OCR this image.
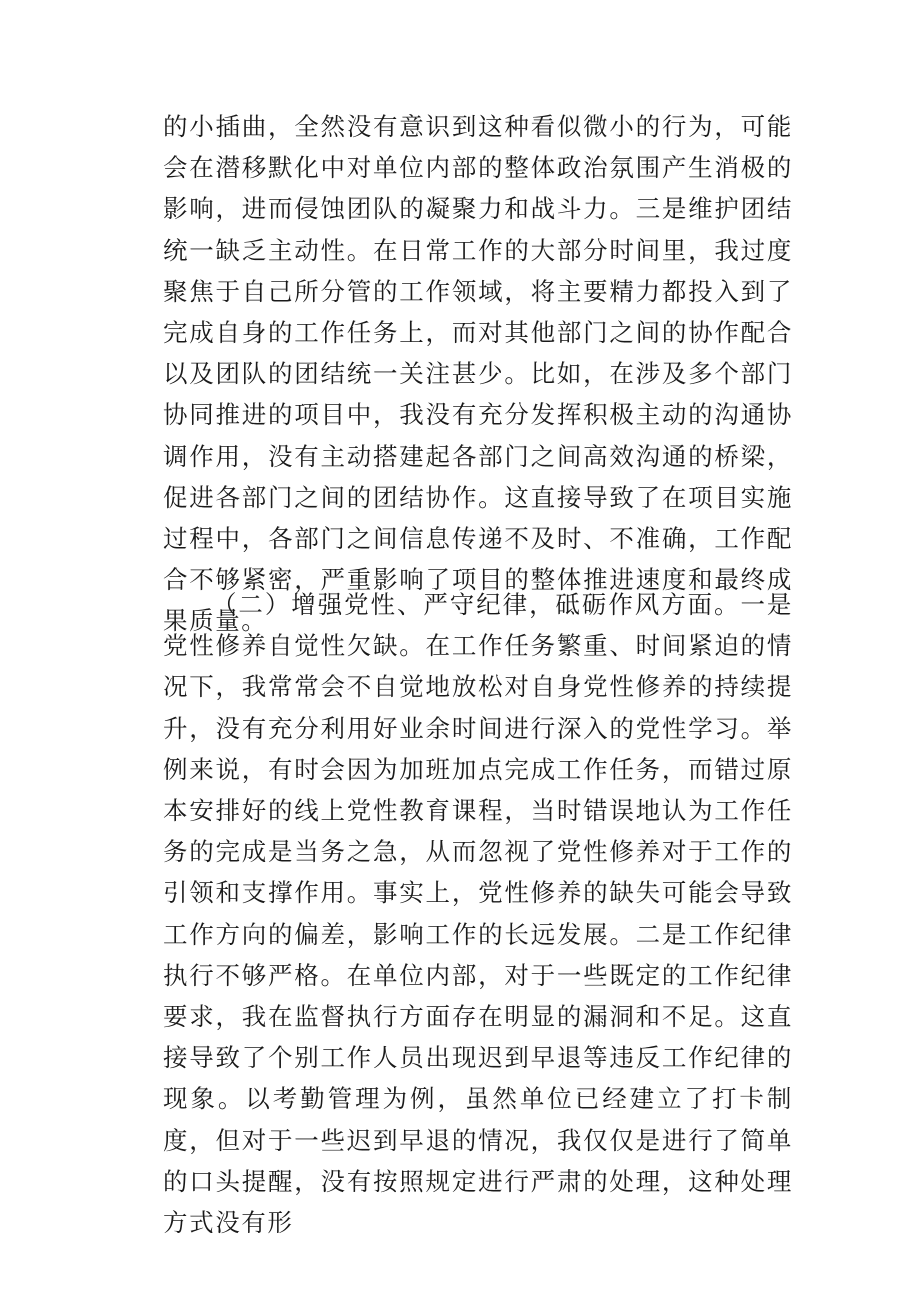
的小插曲，全然没有意识到这种看似微小的行为，可能会在潜移默化中对单位内部的整体政治氛围产生消极的影响，进而侵蚀团队的凝聚力和战斗力。三是维护团结统一缺乏主动性。在日常工作的大部分时间里，我过度聚焦于自己所分管的工作领域，将主要精力都投入到了完成自身的工作任务上，而对其他部门之间的协作配合以及团队的团结统一关注甚少。比如，在涉及多个部门协同推进的项目中，我没有充分发挥积极主动的沟通协调作用，没有主动搭建起各部门之间高效沟通的桥梁，促进各部门之间的团结协作。这直接导致了在项目实施过程中，各部门之间信息传递不及时、不准确，工作配合不够紧密，严重影响了项目的整体推进速度和最终成果质量。

（二）增强党性、严守纪律，砥砺作风方面。一是党性修养自觉性欠缺。在工作任务繁重、时间紧迫的情况下，我常常会不自觉地放松对自身党性修养的持续提升，没有充分利用好业余时间进行深入的党性学习。举例来说，有时会因为加班加点完成工作任务，而错过原本安排好的线上党性教育课程，当时错误地认为工作任务的完成是当务之急，从而忽视了党性修养对于工作的引领和支撑作用。事实上，党性修养的缺失可能会导致工作方向的偏差，影响工作的长远发展。二是工作纪律执行不够严格。在单位内部，对于一些既定的工作纪律要求，我在监督执行方面存在明显的漏洞和不足。这直接导致了个别工作人员出现迟到早退等违反工作纪律的现象。以考勤管理为例，虽然单位已经建立了打卡制度，但对于一些迟到早退的情况，我仅仅是进行了简单的口头提醒，没有按照规定进行严肃的处理，这种处理方式没有形
